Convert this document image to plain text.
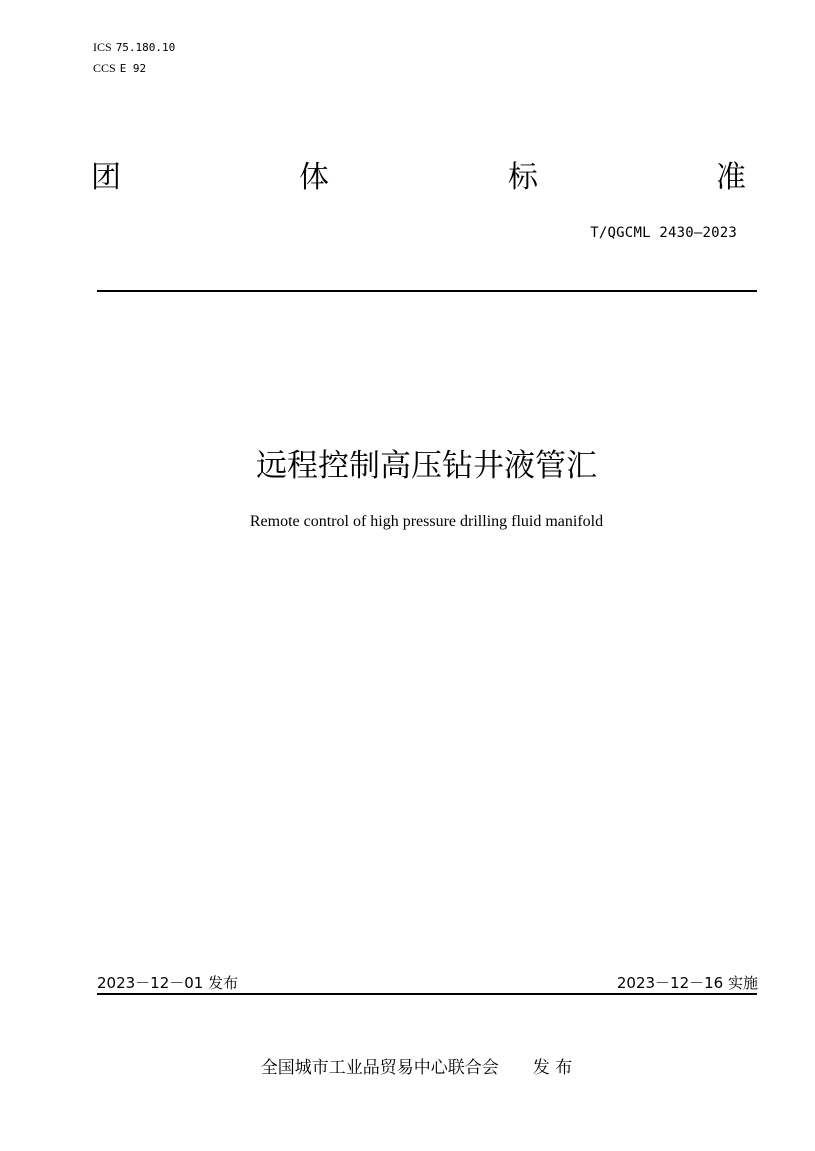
ICS 75.180.10
CCS E 92
团	体	标	准
T/QGCML 2430—2023
远程控制高压钻井液管汇
Remote control of high pressure drilling fluid manifold
2023－12－01 发布	2023－12－16 实施
全国城市工业品贸易中心联合会 发 布
